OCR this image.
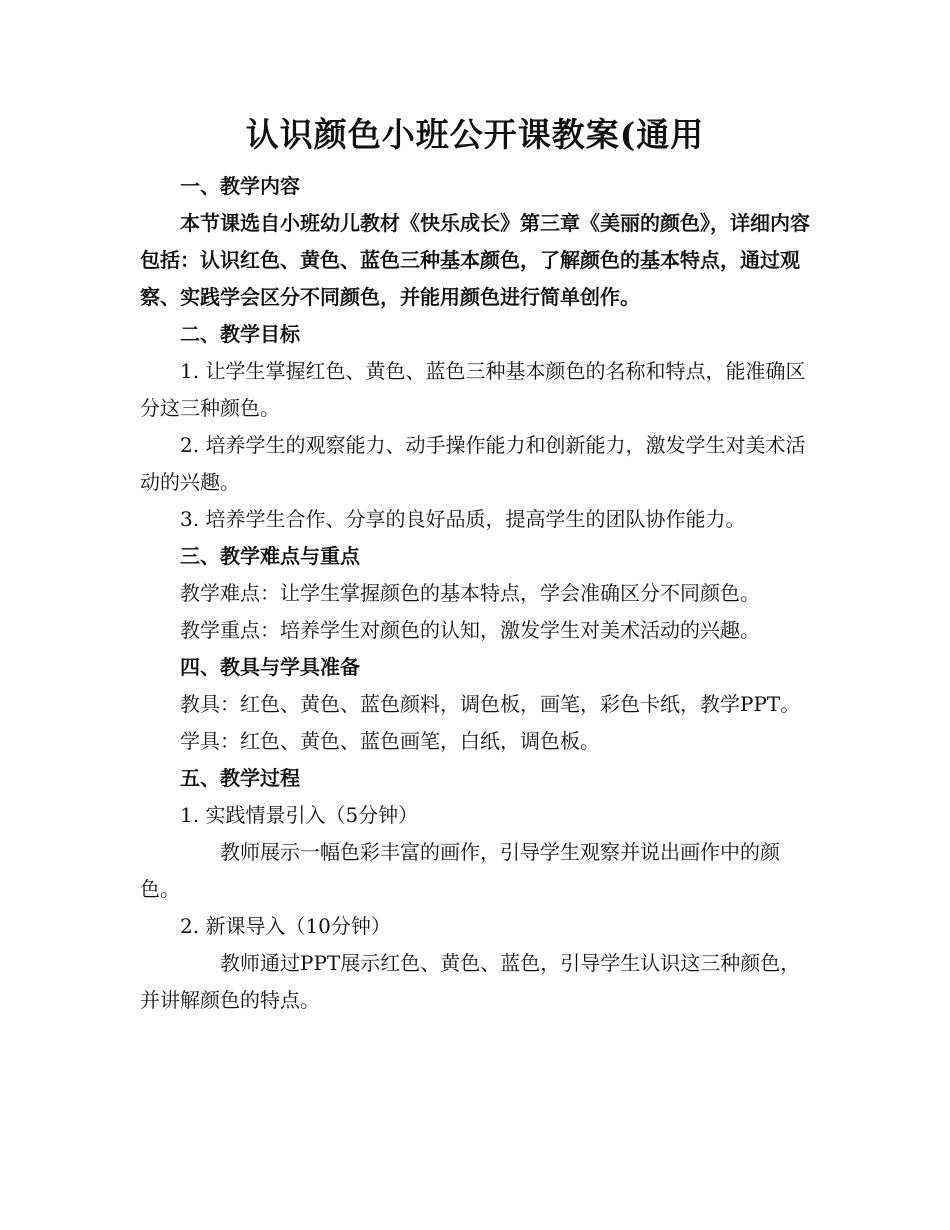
认识颜色小班公开课教案(通用

一、教学内容

本节课选自小班幼儿教材《快乐成长》第三章《美丽的颜色》，详细内容包括：认识红色、黄色、蓝色三种基本颜色，了解颜色的基本特点，通过观察、实践学会区分不同颜色，并能用颜色进行简单创作。

二、教学目标

1. 让学生掌握红色、黄色、蓝色三种基本颜色的名称和特点，能准确区分这三种颜色。

2. 培养学生的观察能力、动手操作能力和创新能力，激发学生对美术活动的兴趣。

3. 培养学生合作、分享的良好品质，提高学生的团队协作能力。

三、教学难点与重点

教学难点：让学生掌握颜色的基本特点，学会准确区分不同颜色。

教学重点：培养学生对颜色的认知，激发学生对美术活动的兴趣。

四、教具与学具准备

教具：红色、黄色、蓝色颜料，调色板，画笔，彩色卡纸，教学PPT。

学具：红色、黄色、蓝色画笔，白纸，调色板。

五、教学过程

1. 实践情景引入（5分钟）

教师展示一幅色彩丰富的画作，引导学生观察并说出画作中的颜色。

2. 新课导入（10分钟）

教师通过PPT展示红色、黄色、蓝色，引导学生认识这三种颜色，并讲解颜色的特点。
